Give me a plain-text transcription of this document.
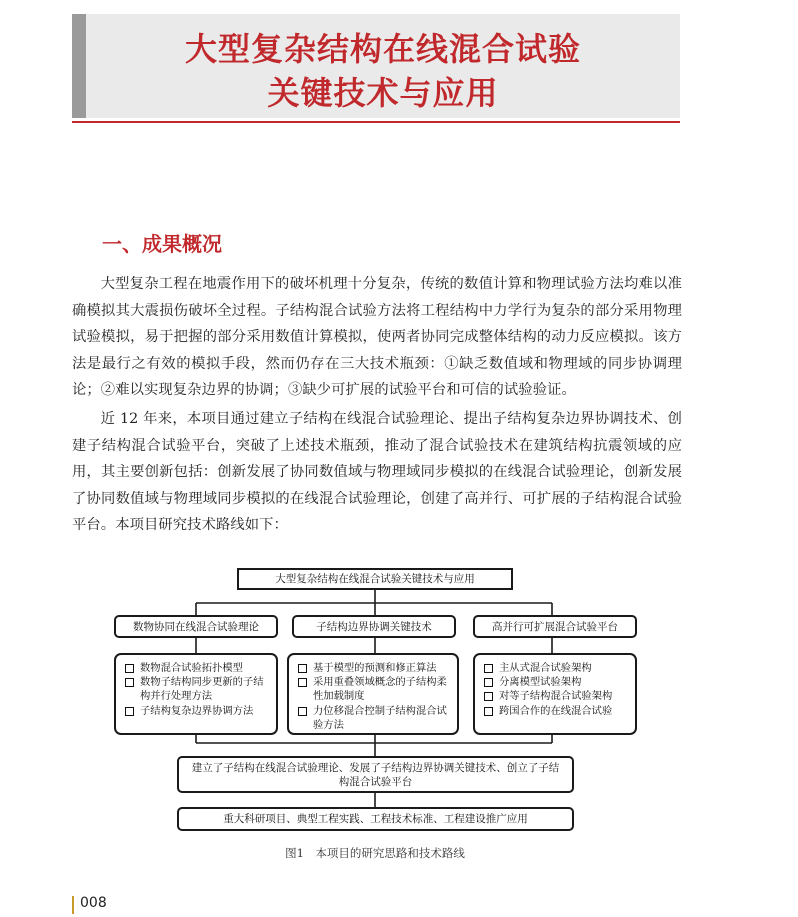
大型复杂结构在线混合试验
关键技术与应用
一、成果概况

大型复杂工程在地震作用下的破坏机理十分复杂，传统的数值计算和物理试验方法均难以准确模拟其大震损伤破坏全过程。子结构混合试验方法将工程结构中力学行为复杂的部分采用物理试验模拟，易于把握的部分采用数值计算模拟，使两者协同完成整体结构的动力反应模拟。该方法是最行之有效的模拟手段，然而仍存在三大技术瓶颈：①缺乏数值域和物理域的同步协调理论；②难以实现复杂边界的协调；③缺少可扩展的试验平台和可信的试验验证。

近 12 年来，本项目通过建立子结构在线混合试验理论、提出子结构复杂边界协调技术、创建子结构混合试验平台，突破了上述技术瓶颈，推动了混合试验技术在建筑结构抗震领域的应用，其主要创新包括：创新发展了协同数值域与物理域同步模拟的在线混合试验理论，创新发展了协同数值域与物理域同步模拟的在线混合试验理论，创建了高并行、可扩展的子结构混合试验平台。本项目研究技术路线如下：

大型复杂结构在线混合试验关键技术与应用
数物协同在线混合试验理论	子结构边界协调关键技术	高并行可扩展混合试验平台
数物混合试验拓扑模型
数物子结构同步更新的子结构并行处理方法
子结构复杂边界协调方法
基于模型的预测和修正算法
采用重叠领域概念的子结构柔性加载制度
力位移混合控制子结构混合试验方法
主从式混合试验架构
分离模型试验架构
对等子结构混合试验架构
跨国合作的在线混合试验
建立了子结构在线混合试验理论、发展了子结构边界协调关键技术、创立了子结构混合试验平台
重大科研项目、典型工程实践、工程技术标准、工程建设推广应用
图1　本项目的研究思路和技术路线
008
